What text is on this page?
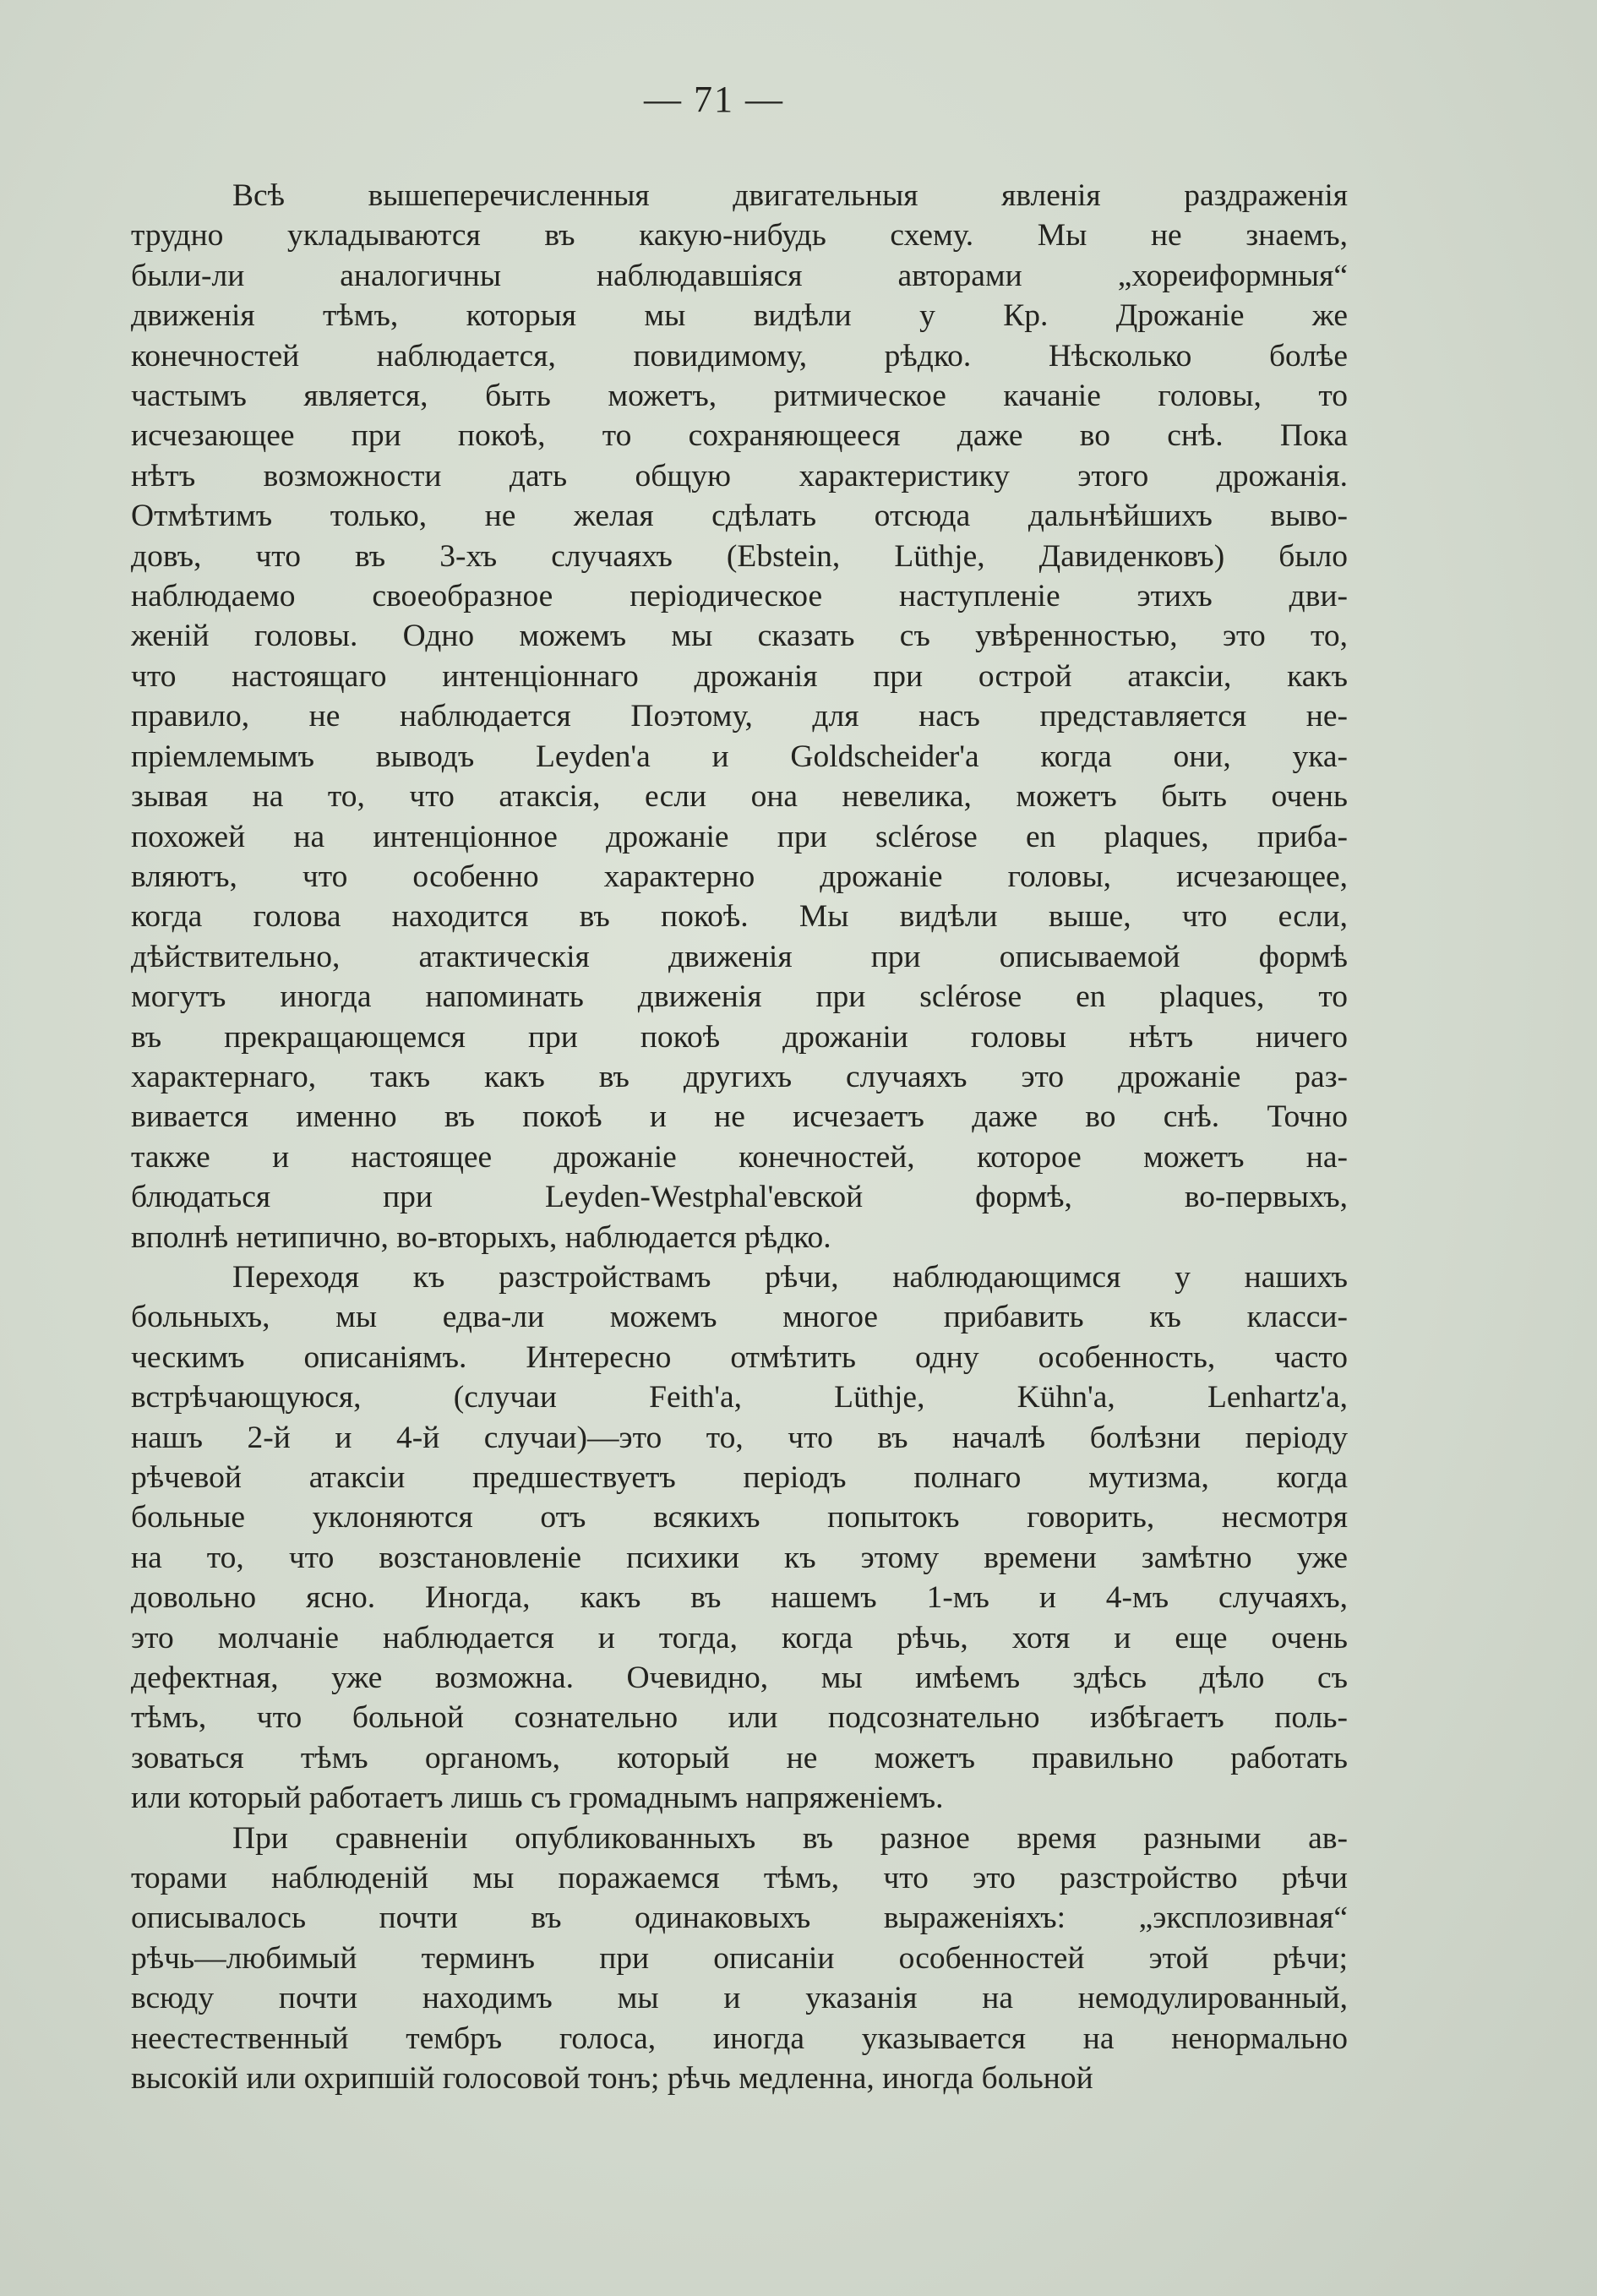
— 71 —

Всѣ вышеперечисленныя двигательныя явленія раздраженія
трудно укладываются въ какую-нибудь схему. Мы не знаемъ,
были-ли аналогичны наблюдавшіяся авторами „хореиформныя“
движенія тѣмъ, которыя мы видѣли у Кр. Дрожаніе же
конечностей наблюдается, повидимому, рѣдко. Нѣсколько болѣе
частымъ является, быть можетъ, ритмическое качаніе головы, то
исчезающее при покоѣ, то сохраняющееся даже во снѣ. Пока
нѣтъ возможности дать общую характеристику этого дрожанія.
Отмѣтимъ только, не желая сдѣлать отсюда дальнѣйшихъ выво-
довъ, что въ 3-хъ случаяхъ (Ebstein, Lüthje, Давиденковъ) было
наблюдаемо своеобразное періодическое наступленіе этихъ дви-
женій головы. Одно можемъ мы сказать съ увѣренностью, это то,
что настоящаго интенціоннаго дрожанія при острой атаксіи, какъ
правило, не наблюдается Поэтому, для насъ представляется не-
пріемлемымъ выводъ Leyden'а и Goldscheider'а когда они, ука-
зывая на то, что атаксія, если она невелика, можетъ быть очень
похожей на интенціонное дрожаніе при sclérose en plaques, приба-
вляютъ, что особенно характерно дрожаніе головы, исчезающее,
когда голова находится въ покоѣ. Мы видѣли выше, что если,
дѣйствительно, атактическія движенія при описываемой формѣ
могутъ иногда напоминать движенія при sclérose en plaques, то
въ прекращающемся при покоѣ дрожаніи головы нѣтъ ничего
характернаго, такъ какъ въ другихъ случаяхъ это дрожаніе раз-
вивается именно въ покоѣ и не исчезаетъ даже во снѣ. Точно
также и настоящее дрожаніе конечностей, которое можетъ на-
блюдаться при Leyden-Westphal'евской формѣ, во-первыхъ,
вполнѣ нетипично, во-вторыхъ, наблюдается рѣдко.

Переходя къ разстройствамъ рѣчи, наблюдающимся у нашихъ
больныхъ, мы едва-ли можемъ многое прибавить къ класси-
ческимъ описаніямъ. Интересно отмѣтить одну особенность, часто
встрѣчающуюся, (случаи Feith'а, Lüthje, Kühn'а, Lenhartz'а,
нашъ 2-й и 4-й случаи)—это то, что въ началѣ болѣзни періоду
рѣчевой атаксіи предшествуетъ періодъ полнаго мутизма, когда
больные уклоняются отъ всякихъ попытокъ говорить, несмотря
на то, что возстановленіе психики къ этому времени замѣтно уже
довольно ясно. Иногда, какъ въ нашемъ 1-мъ и 4-мъ случаяхъ,
это молчаніе наблюдается и тогда, когда рѣчь, хотя и еще очень
дефектная, уже возможна. Очевидно, мы имѣемъ здѣсь дѣло съ
тѣмъ, что больной сознательно или подсознательно избѣгаетъ поль-
зоваться тѣмъ органомъ, который не можетъ правильно работать
или который работаетъ лишь съ громаднымъ напряженіемъ.

При сравненіи опубликованныхъ въ разное время разными ав-
торами наблюденій мы поражаемся тѣмъ, что это разстройство рѣчи
описывалось почти въ одинаковыхъ выраженіяхъ: „эксплозивная“
рѣчь—любимый терминъ при описаніи особенностей этой рѣчи;
всюду почти находимъ мы и указанія на немодулированный,
неестественный тембръ голоса, иногда указывается на ненормально
высокій или охрипшій голосовой тонъ; рѣчь медленна, иногда больной
